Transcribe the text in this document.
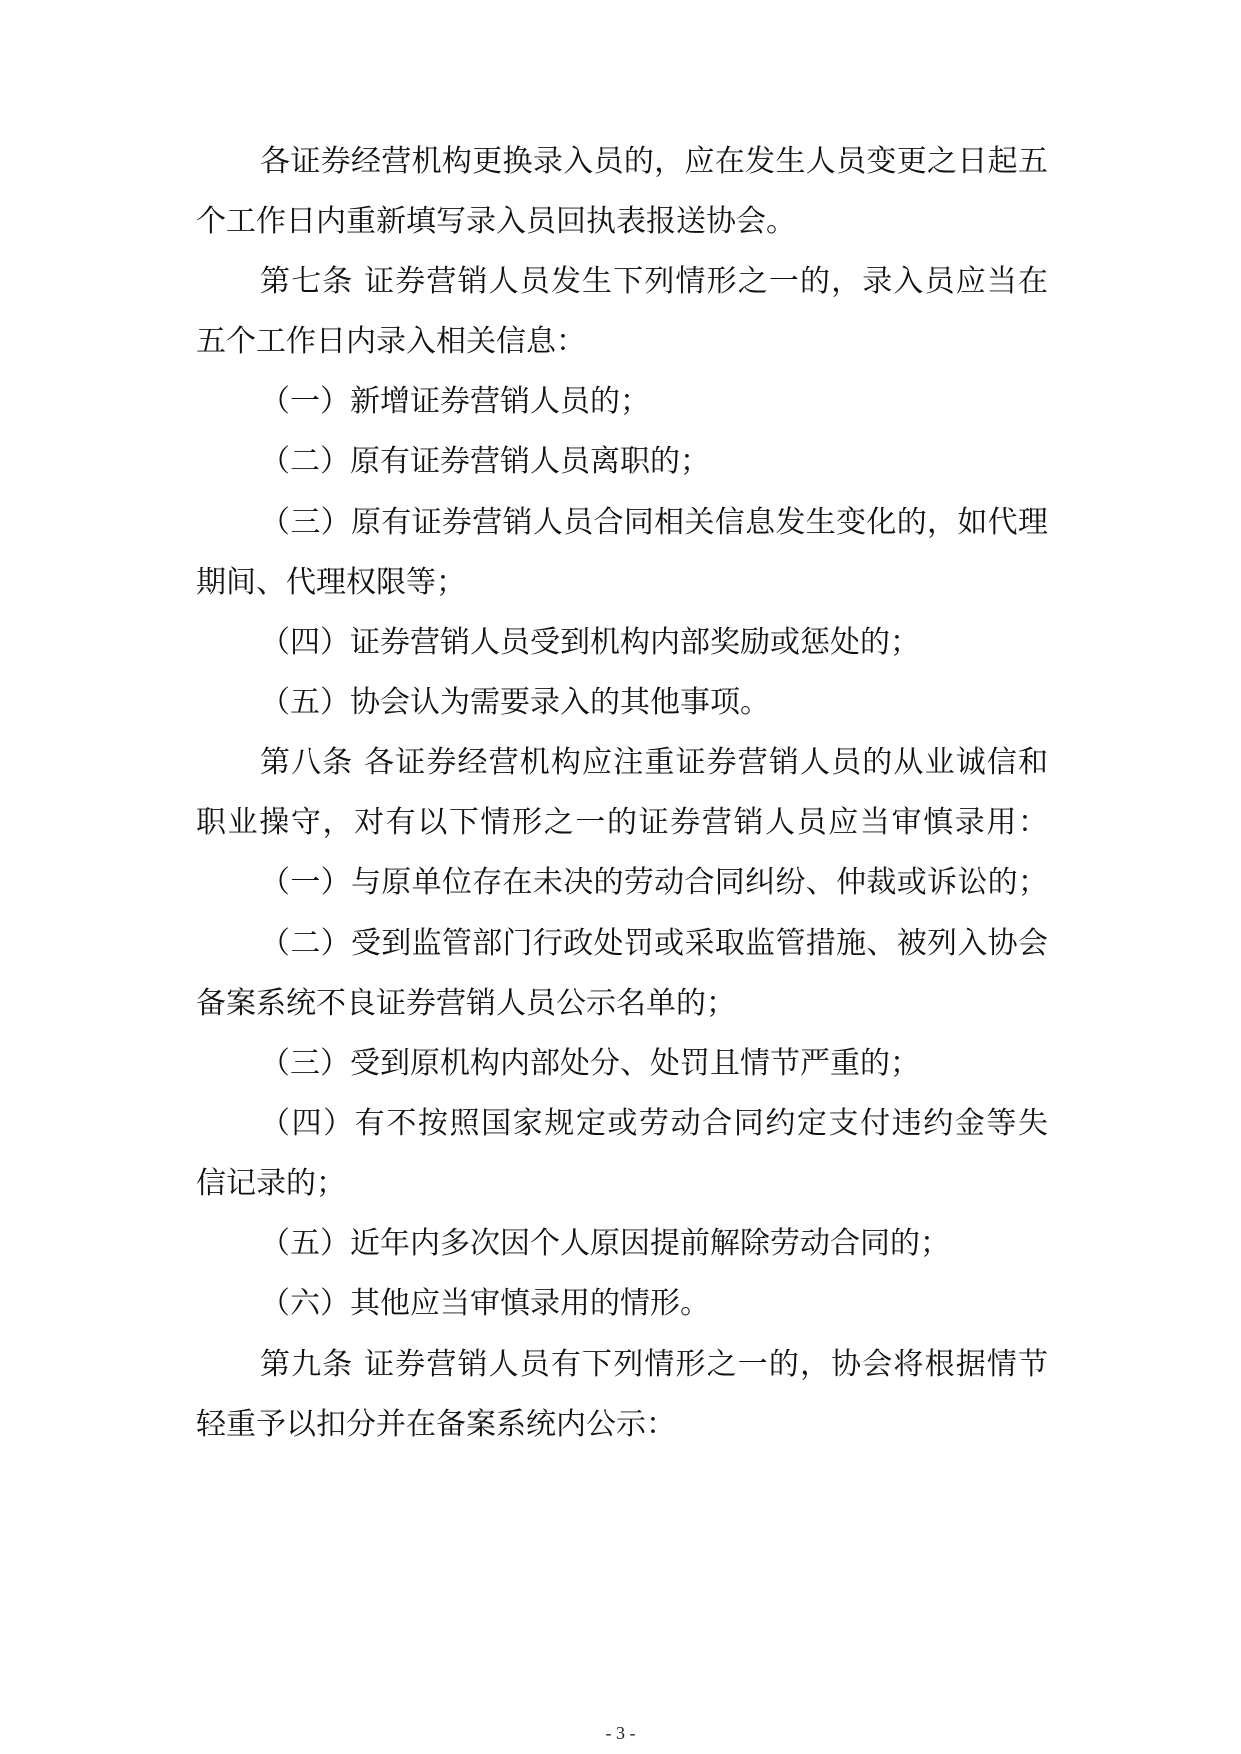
各证券经营机构更换录入员的，应在发生人员变更之日起五
个工作日内重新填写录入员回执表报送协会。
第七条 证券营销人员发生下列情形之一的，录入员应当在
五个工作日内录入相关信息：
（一）新增证券营销人员的；
（二）原有证券营销人员离职的；
（三）原有证券营销人员合同相关信息发生变化的，如代理
期间、代理权限等；
（四）证券营销人员受到机构内部奖励或惩处的；
（五）协会认为需要录入的其他事项。
第八条 各证券经营机构应注重证券营销人员的从业诚信和
职业操守，对有以下情形之一的证券营销人员应当审慎录用：
（一）与原单位存在未决的劳动合同纠纷、仲裁或诉讼的；
（二）受到监管部门行政处罚或采取监管措施、被列入协会
备案系统不良证券营销人员公示名单的；
（三）受到原机构内部处分、处罚且情节严重的；
（四）有不按照国家规定或劳动合同约定支付违约金等失
信记录的；
（五）近年内多次因个人原因提前解除劳动合同的；
（六）其他应当审慎录用的情形。
第九条 证券营销人员有下列情形之一的，协会将根据情节
轻重予以扣分并在备案系统内公示：
- 3 -
